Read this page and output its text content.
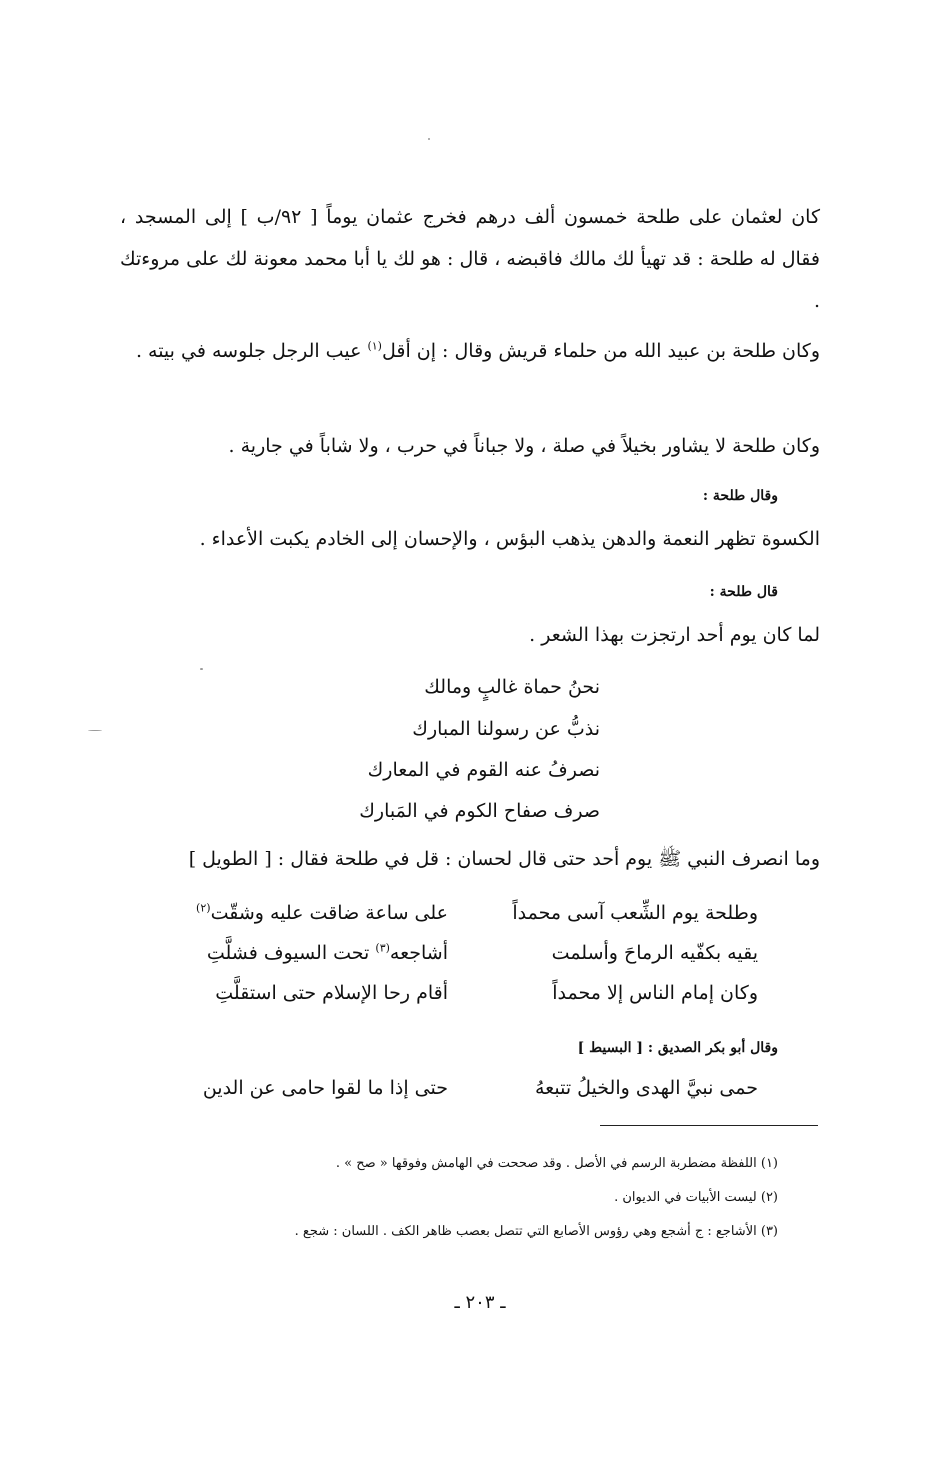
كان لعثمان على طلحة خمسون ألف درهم فخرج عثمان يوماً [ ٩٢/ب ] إلى المسجد ، فقال له طلحة : قد تهيأ لك مالك فاقبضه ، قال : هو لك يا أبا محمد معونة لك على مروءتك .

وكان طلحة بن عبيد الله من حلماء قريش وقال : إن أقل$^{(١)}$ عيب الرجل جلوسه في بيته .

وكان طلحة لا يشاور بخيلاً في صلة ، ولا جباناً في حرب ، ولا شاباً في جارية .
وقال طلحة :
الكسوة تظهر النعمة والدهن يذهب البؤس ، والإحسان إلى الخادم يكبت الأعداء .
قال طلحة :
لما كان يوم أحد ارتجزت بهذا الشعر .
نحنُ حماة غالبٍ ومالك
نذبُّ عن رسولنا المبارك
نصرفُ عنه القوم في المعارك
صرف صفاح الكوم في المَبارك
وما انصرف النبي ﷺ يوم أحد حتى قال لحسان : قل في طلحة فقال : [ الطويل ]
وطلحة يوم الشِّعب آسى محمداً
على ساعة ضاقت عليه وشقّت$^{(٢)}$
يقيه بكفّيه الرماحَ وأسلمت
أشاجعه$^{(٣)}$ تحت السيوف فشلَّتِ
وكان إمام الناس إلا محمداً
أقام رحا الإسلام حتى استقلَّتِ
وقال أبو بكر الصديق : [ البسيط ]
حمى نبيَّ الهدى والخيلُ تتبعهُ
حتى إذا ما لقوا حامى عن الدين
(١) اللفظة مضطربة الرسم في الأصل . وقد صححت في الهامش وفوقها « صح » .
(٢) ليست الأبيات في الديوان .
(٣) الأشاجع : ج أشجع وهي رؤوس الأصابع التي تتصل بعصب ظاهر الكف . اللسان : شجع .
ـ ٢٠٣ ـ
